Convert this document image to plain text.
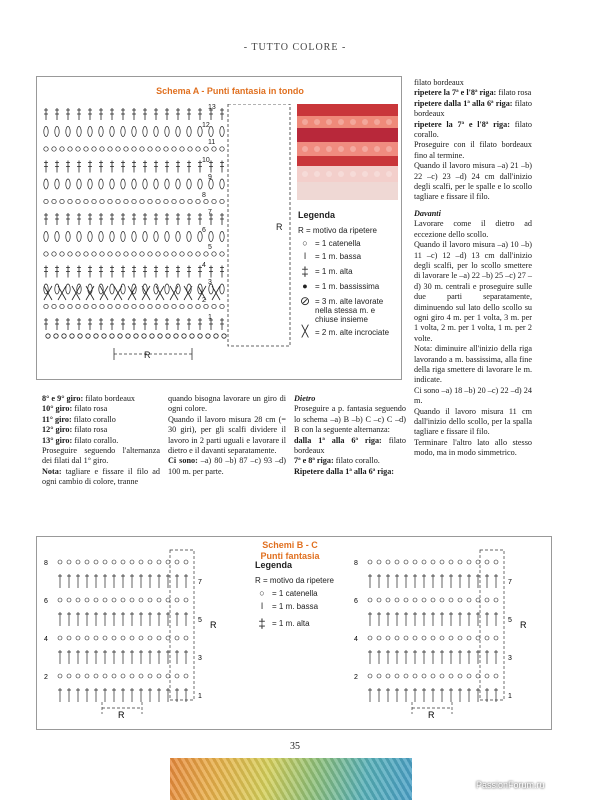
- TUTTO COLORE -
Schema A - Punti fantasia in tondo
R
R
13
12
11
10
9
8
7
6
5
4
3
2
1
Legenda
R = motivo da ripetere
○ = 1 catenella
ǀ	= 1 m. bassa
‡ = 1 m. alta
● = 1 m. bassissima
⊘ = 3 m. alte lavorate nella stessa m. e chiuse insieme
╳ = 2 m. alte incrociate

filato bordeaux

ripetere la 7ª e l'8ª riga: filato rosa

ripetere dalla 1ª alla 6ª riga: filato bordeaux

ripetere la 7ª e l'8ª riga: filato corallo.

Proseguire con il filato bordeaux fino al termine.

Quando il lavoro misura –a) 21 –b) 22 –c) 23 –d) 24 cm dall'inizio degli scalfi, per le spalle e lo scollo tagliare e fissare il filo.

Davanti

Lavorare come il dietro ad eccezione dello scollo.

Quando il lavoro misura –a) 10 –b) 11 –c) 12 –d) 13 cm dall'inizio degli scalfi, per lo scollo smettere di lavorare le –a) 22 –b) 25 –c) 27 –d) 30 m. centrali e proseguire sulle due parti separatamente, diminuendo sul lato dello scollo su ogni giro 4 m. per 1 volta, 3 m. per 1 volta, 2 m. per 1 volta, 1 m. per 2 volte.

Nota: diminuire all'inizio della riga lavorando a m. bassissima, alla fine della riga smettere di lavorare le m. indicate.

Ci sono –a) 18 –b) 20 –c) 22 –d) 24 m.

Quando il lavoro misura 11 cm dall'inizio dello scollo, per la spalla tagliare e fissare il filo.

Terminare l'altro lato allo stesso modo, ma in modo simmetrico.

8° e 9° giro: filato bordeaux

10° giro: filato rosa

11° giro: filato corallo

12° giro: filato rosa

13° giro: filato corallo.

Proseguire seguendo l'alternanza dei filati dal 1° giro.

Nota: tagliare e fissare il filo ad ogni cambio di colore, tranne

quando bisogna lavorare un giro di ogni colore.

Quando il lavoro misura 28 cm (= 30 giri), per gli scalfi dividere il lavoro in 2 parti uguali e lavorare il dietro e il davanti separatamente.

Ci sono: –a) 80 –b) 87 –c) 93 –d) 100 m. per parte.

Dietro

Proseguire a p. fantasia seguendo lo schema –a) B –b) C –c) C –d) B con la seguente alternanza:

dalla 1ª alla 6ª riga: filato bordeaux

7ª e 8ª riga: filato corallo.

Ripetere dalla 1ª alla 6ª riga:

Schemi B - C
Punti fantasia
8
7
6
5
4
3
2
1
R
R
8
7
6
5
4
3
2
1
R
R
Legenda
R = motivo da ripetere
○ = 1 catenella
ǀ	= 1 m. bassa
‡ = 1 m. alta
35
PassionForum.ru
